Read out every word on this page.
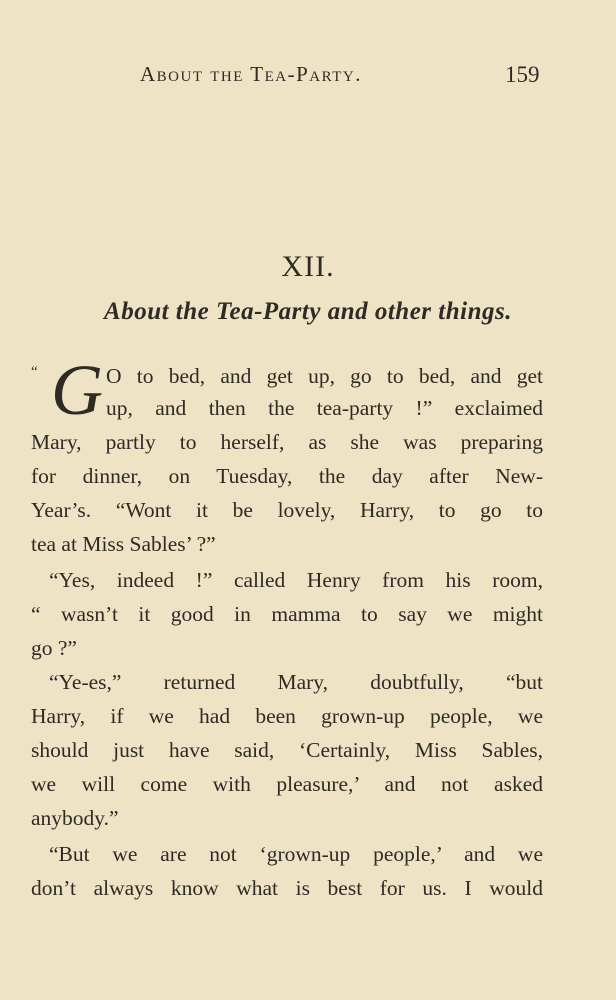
About the Tea-Party.	159
XII.
About the Tea-Party and other things.
“ G O to bed, and get up, go to bed, and get
up, and then the tea-party !” exclaimed
Mary, partly to herself, as she was preparing
for dinner, on Tuesday, the day after New-
Year’s. “Wont it be lovely, Harry, to go to
tea at Miss Sables’ ?”
“Yes, indeed !” called Henry from his room,
“ wasn’t it good in mamma to say we might
go ?”
“Ye-es,” returned Mary, doubtfully, “but
Harry, if we had been grown-up people, we
should just have said, ‘Certainly, Miss Sables,
we will come with pleasure,’ and not asked
anybody.”
“But we are not ‘grown-up people,’ and we
don’t always know what is best for us. I would
